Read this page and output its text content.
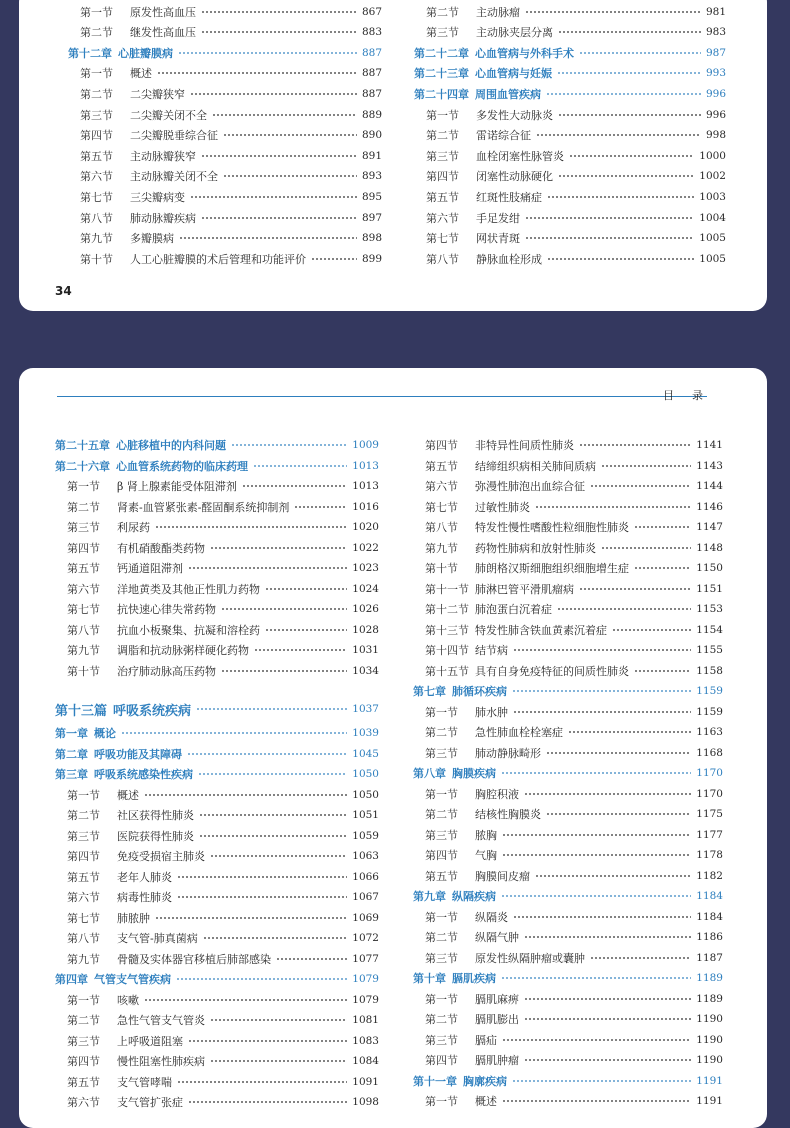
第一节	原发性高血压	867
第二节	继发性高血压	883
第十二章 心脏瓣膜病	887
第一节	概述	887
第二节	二尖瓣狭窄	887
第三节	二尖瓣关闭不全	889
第四节	二尖瓣脱垂综合征	890
第五节	主动脉瓣狭窄	891
第六节	主动脉瓣关闭不全	893
第七节	三尖瓣病变	895
第八节	肺动脉瓣疾病	897
第九节	多瓣膜病	898
第十节	人工心脏瓣膜的术后管理和功能评价	899
第二节	主动脉瘤	981
第三节	主动脉夹层分离	983
第二十二章 心血管病与外科手术	987
第二十三章 心血管病与妊娠	993
第二十四章 周围血管疾病	996
第一节	多发性大动脉炎	996
第二节	雷诺综合征	998
第三节	血栓闭塞性脉管炎	1000
第四节	闭塞性动脉硬化	1002
第五节	红斑性肢痛症	1003
第六节	手足发绀	1004
第七节	网状青斑	1005
第八节	静脉血栓形成	1005
34
目录
第二十五章 心脏移植中的内科问题	1009
第二十六章 心血管系统药物的临床药理	1013
第一节	β 肾上腺素能受体阻滞剂	1013
第二节	肾素-血管紧张素-醛固酮系统抑制剂	1016
第三节	利尿药	1020
第四节	有机硝酸酯类药物	1022
第五节	钙通道阻滞剂	1023
第六节	洋地黄类及其他正性肌力药物	1024
第七节	抗快速心律失常药物	1026
第八节	抗血小板聚集、抗凝和溶栓药	1028
第九节	调脂和抗动脉粥样硬化药物	1031
第十节	治疗肺动脉高压药物	1034
第十三篇 呼吸系统疾病	1037
第一章 概论	1039
第二章 呼吸功能及其障碍	1045
第三章 呼吸系统感染性疾病	1050
第一节	概述	1050
第二节	社区获得性肺炎	1051
第三节	医院获得性肺炎	1059
第四节	免疫受损宿主肺炎	1063
第五节	老年人肺炎	1066
第六节	病毒性肺炎	1067
第七节	肺脓肿	1069
第八节	支气管-肺真菌病	1072
第九节	骨髓及实体器官移植后肺部感染	1077
第四章 气管支气管疾病	1079
第一节	咳嗽	1079
第二节	急性气管支气管炎	1081
第三节	上呼吸道阻塞	1083
第四节	慢性阻塞性肺疾病	1084
第五节	支气管哮喘	1091
第六节	支气管扩张症	1098
第四节	非特异性间质性肺炎	1141
第五节	结缔组织病相关肺间质病	1143
第六节	弥漫性肺泡出血综合征	1144
第七节	过敏性肺炎	1146
第八节	特发性慢性嗜酸性粒细胞性肺炎	1147
第九节	药物性肺病和放射性肺炎	1148
第十节	肺朗格汉斯细胞组织细胞增生症	1150
第十一节 肺淋巴管平滑肌瘤病	1151
第十二节 肺泡蛋白沉着症	1153
第十三节 特发性肺含铁血黄素沉着症	1154
第十四节 结节病	1155
第十五节 具有自身免疫特征的间质性肺炎	1158
第七章 肺循环疾病	1159
第一节	肺水肿	1159
第二节	急性肺血栓栓塞症	1163
第三节	肺动静脉畸形	1168
第八章 胸膜疾病	1170
第一节	胸腔积液	1170
第二节	结核性胸膜炎	1175
第三节	脓胸	1177
第四节	气胸	1178
第五节	胸膜间皮瘤	1182
第九章 纵隔疾病	1184
第一节	纵隔炎	1184
第二节	纵隔气肿	1186
第三节	原发性纵隔肿瘤或囊肿	1187
第十章 膈肌疾病	1189
第一节	膈肌麻痹	1189
第二节	膈肌膨出	1190
第三节	膈疝	1190
第四节	膈肌肿瘤	1190
第十一章 胸廓疾病	1191
第一节	概述	1191
